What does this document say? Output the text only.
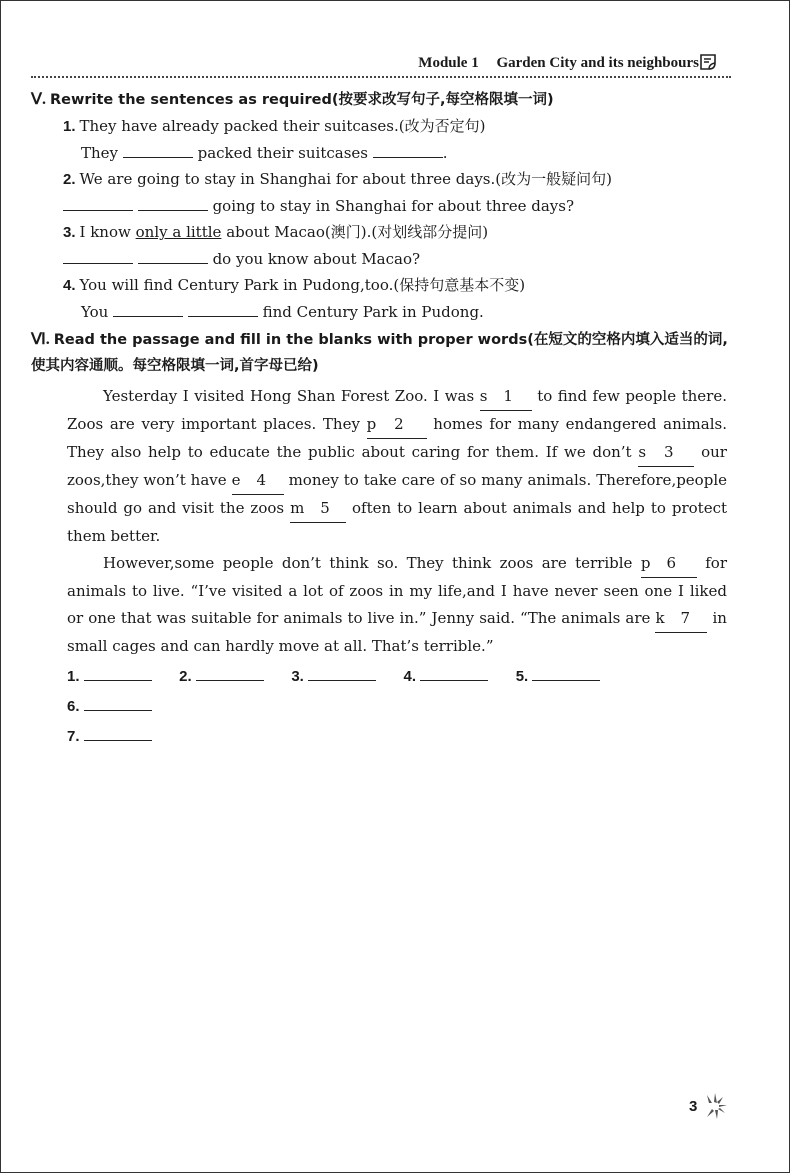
Module 1 Garden City and its neighbours
Ⅴ. Rewrite the sentences as required(按要求改写句子,每空格限填一词)
1. They have already packed their suitcases.(改为否定句)
They	packed their suitcases	.
2. We are going to stay in Shanghai for about three days.(改为一般疑问句)
going to stay in Shanghai for about three days?
3. I know only a little about Macao(澳门).(对划线部分提问)
do you know about Macao?
4. You will find Century Park in Pudong,too.(保持句意基本不变)
You	find Century Park in Pudong.
Ⅵ. Read the passage and fill in the blanks with proper words(在短文的空格内填入适当的词,使其内容通顺。每空格限填一词,首字母已给)
Yesterday I visited Hong Shan Forest Zoo. I was s 1 to find few people there. Zoos are very important places. They p 2 homes for many endangered animals. They also help to educate the public about caring for them. If we don’t s 3 our zoos,they won’t have e 4 money to take care of so many animals. Therefore,people should go and visit the zoos m 5 often to learn about animals and help to protect them better.
However,some people don’t think so. They think zoos are terrible p 6 for animals to live. “I’ve visited a lot of zoos in my life,and I have never seen one I liked or one that was suitable for animals to live in.” Jenny said. “The animals are k 7 in small cages and can hardly move at all. That’s terrible.”
1.	2.	3.	4.	5. 6.
7.
3
